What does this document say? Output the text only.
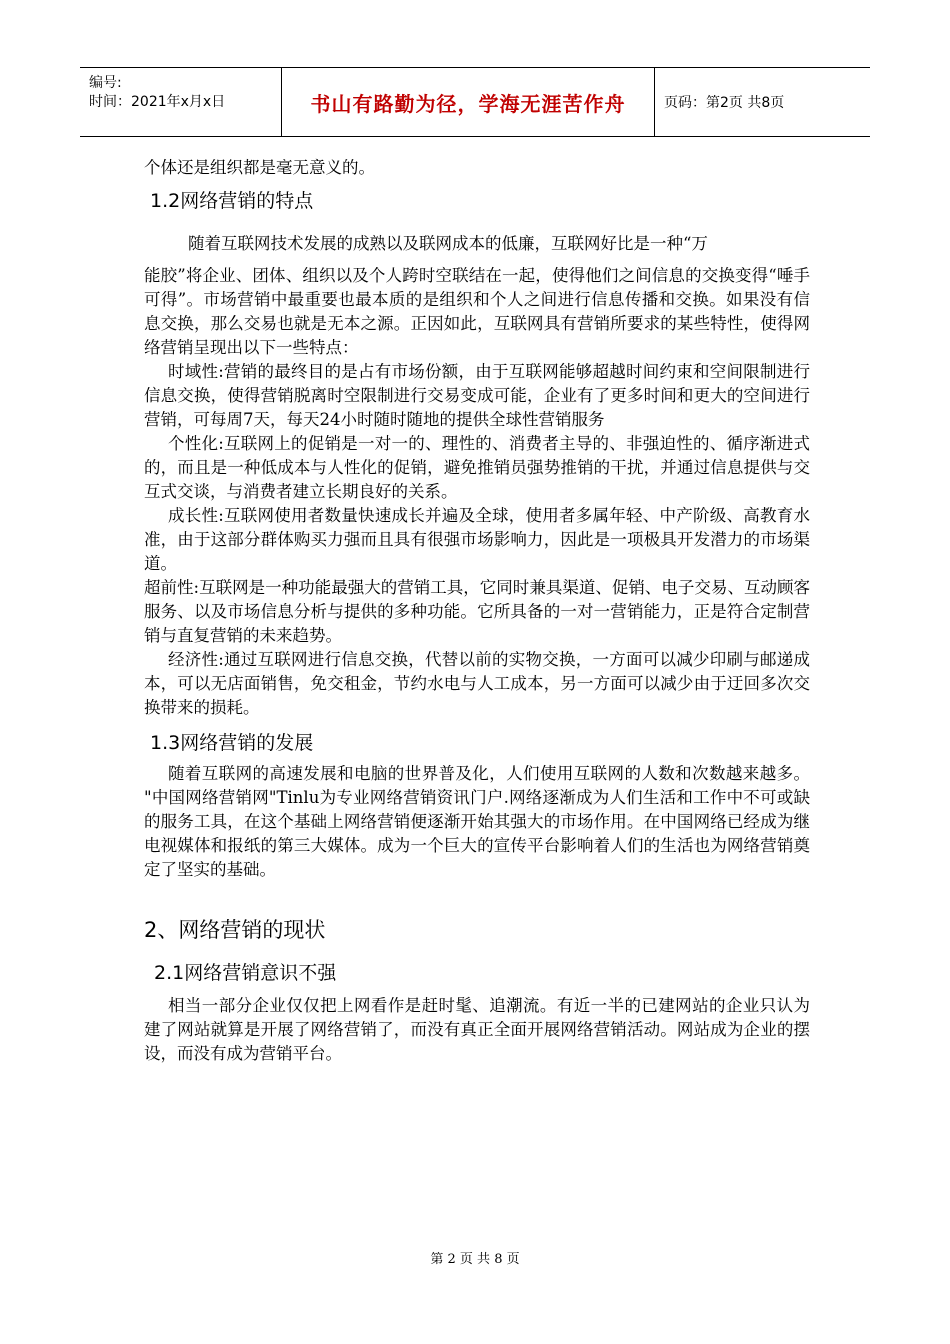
编号:
时间：2021年x月x日	书山有路勤为径，学海无涯苦作舟	页码：第2页 共8页

个体还是组织都是毫无意义的。

1.2网络营销的特点

随着互联网技术发展的成熟以及联网成本的低廉，互联网好比是一种“万

能胶”将企业、团体、组织以及个人跨时空联结在一起，使得他们之间信息的交换变得“唾手可得”。市场营销中最重要也最本质的是组织和个人之间进行信息传播和交换。如果没有信息交换，那么交易也就是无本之源。正因如此，互联网具有营销所要求的某些特性，使得网络营销呈现出以下一些特点：

时域性:营销的最终目的是占有市场份额，由于互联网能够超越时间约束和空间限制进行信息交换，使得营销脱离时空限制进行交易变成可能，企业有了更多时间和更大的空间进行营销，可每周7天，每天24小时随时随地的提供全球性营销服务

个性化:互联网上的促销是一对一的、理性的、消费者主导的、非强迫性的、循序渐进式的，而且是一种低成本与人性化的促销，避免推销员强势推销的干扰，并通过信息提供与交互式交谈，与消费者建立长期良好的关系。

成长性:互联网使用者数量快速成长并遍及全球，使用者多属年轻、中产阶级、高教育水准，由于这部分群体购买力强而且具有很强市场影响力，因此是一项极具开发潜力的市场渠道。

超前性:互联网是一种功能最强大的营销工具，它同时兼具渠道、促销、电子交易、互动顾客服务、以及市场信息分析与提供的多种功能。它所具备的一对一营销能力，正是符合定制营销与直复营销的未来趋势。

经济性:通过互联网进行信息交换，代替以前的实物交换，一方面可以减少印刷与邮递成本，可以无店面销售，免交租金，节约水电与人工成本，另一方面可以减少由于迂回多次交换带来的损耗。

1.3网络营销的发展

随着互联网的高速发展和电脑的世界普及化，人们使用互联网的人数和次数越来越多。 "中国网络营销网"Tinlu为专业网络营销资讯门户.网络逐渐成为人们生活和工作中不可或缺的服务工具，在这个基础上网络营销便逐渐开始其强大的市场作用。在中国网络已经成为继电视媒体和报纸的第三大媒体。成为一个巨大的宣传平台影响着人们的生活也为网络营销奠定了坚实的基础。

2、网络营销的现状
2.1网络营销意识不强

相当一部分企业仅仅把上网看作是赶时髦、追潮流。有近一半的已建网站的企业只认为建了网站就算是开展了网络营销了，而没有真正全面开展网络营销活动。网站成为企业的摆设，而没有成为营销平台。

第 2 页 共 8 页
